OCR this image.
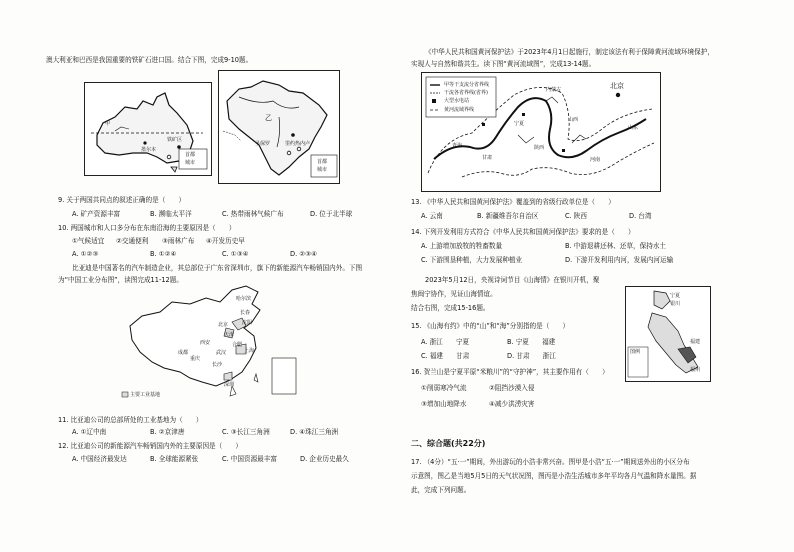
澳大利亚和巴西是我国重要的铁矿石进口国。结合下图，完成9-10题。
甲
墨尔本
铁矿区
首都
城市
乙
圣保罗	里约热内卢
首都
城市
9. 关于两国共同点的叙述正确的是（　　）
A. 矿产资源丰富	B. 濒临太平洋	C. 热带雨林气候广布	D. 位于北半球
10. 两国城市和人口多分布在东南沿海的主要原因是（　　）
①气候适宜 ②交通便利 ③雨林广布 ④开发历史早
A. ①②③	B. ①②④	C. ①③④	D. ②③④
比亚迪是中国著名的汽车制造企业，其总部位于广东省深圳市，旗下的新能源汽车畅销国内外。下图
为“中国工业分布图”，读图完成11-12题。
哈尔滨
长春
沈阳
北京
天津
西安
武汉
合肥
长沙
重庆
成都	上海
深圳
主要工业基地
11. 比亚迪公司的总部所处的工业基地为（　　）
A. ①辽中南	B. ②京津唐	C. ③长江三角洲	D. ④珠江三角洲
12. 比亚迪公司的新能源汽车畅销国内外的主要原因是（　　）
A. 中国经济最发达	B. 全球能源紧张	C. 中国资源最丰富	D. 企业历史最久
《中华人民共和国黄河保护法》于2023年4月1日起施行，制定该法有利于保障黄河流域环境保护，
实现人与自然和谐共生。读下图“黄河流域图”，完成13-14题。
甲等干支流分省界线
干流各省界线(省界)
大型水电站
黄河流域界线
北京
青海
甘肃
宁夏
内蒙古
陕西
山西
河南
山东
13. 《中华人民共和国黄河保护法》覆盖到的省级行政单位是（　　）
A. 云南	B. 新疆维吾尔自治区	C. 陕西	D. 台湾
14. 下列开发利用方式符合《中华人民共和国黄河保护法》要求的是（　　）
A. 上游增加放牧的牲畜数量	B. 中游退耕还林、还草，保持水土
C. 下游围垦种植，大力发展种植业	D. 下游开发利用内河，发展内河运输
2023年5月12日，央视诗词节目《山海情》在银川开机，聚
焦闽宁协作，见证山海情谊。
结合右图，完成15-16题。
宁夏
银川
福建
福州
图例
15. 《山海有约》中的“山”和“海”分别指的是（　　）
A. 浙江　　宁夏	B. 宁夏　　福建
C. 福建　　甘肃	D. 甘肃　　浙江
16. 贺兰山是宁夏平原“米粮川”的“守护神”，其主要作用有（　　）
①削弱寒冷气流	②阻挡沙漠入侵
③增加山地降水	④减少洪涝灾害
二、综合题(共22分)
17. （4分）“五·一”期间，外出游玩的小浩非常兴奋。图甲是小浩“五·一”期间送外出的小区分布
示意图，图乙是当地5月5日的天气状况图，图丙是小浩生活城市多年平均各月气温和降水量图。据
此，完成下列问题。
